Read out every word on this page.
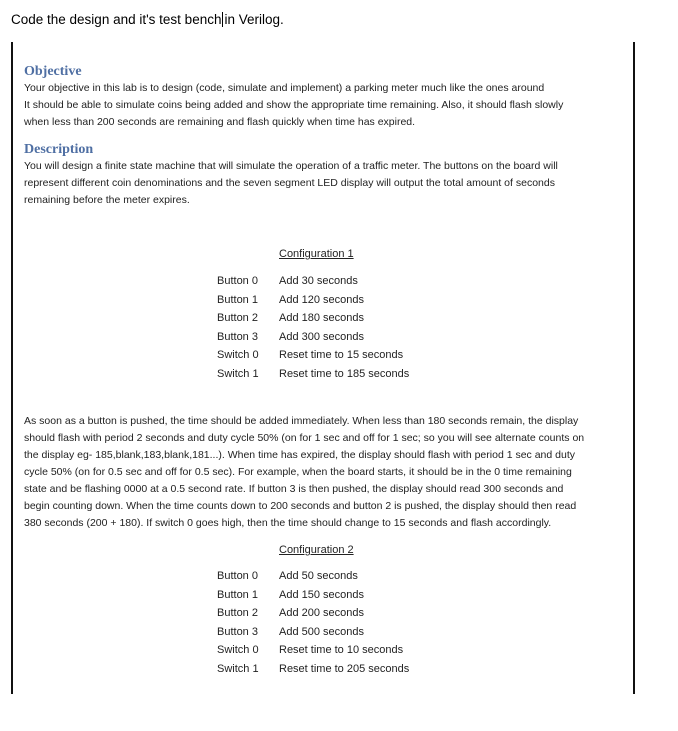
Code the design and it's test bench in Verilog.
Objective
Your objective in this lab is to design (code, simulate and implement) a parking meter much like the ones around
It should be able to simulate coins being added and show the appropriate time remaining. Also, it should flash slowly
when less than 200 seconds are remaining and flash quickly when time has expired.
Description
You will design a finite state machine that will simulate the operation of a traffic meter. The buttons on the board will
represent different coin denominations and the seven segment LED display will output the total amount of seconds
remaining before the meter expires.
Configuration 1
Button 0 Add 30 seconds
Button 1 Add 120 seconds
Button 2 Add 180 seconds
Button 3 Add 300 seconds
Switch 0 Reset time to 15 seconds
Switch 1 Reset time to 185 seconds
As soon as a button is pushed, the time should be added immediately. When less than 180 seconds remain, the display
should flash with period 2 seconds and duty cycle 50% (on for 1 sec and off for 1 sec; so you will see alternate counts on
the display eg- 185,blank,183,blank,181...). When time has expired, the display should flash with period 1 sec and duty
cycle 50% (on for 0.5 sec and off for 0.5 sec). For example, when the board starts, it should be in the 0 time remaining
state and be flashing 0000 at a 0.5 second rate. If button 3 is then pushed, the display should read 300 seconds and
begin counting down. When the time counts down to 200 seconds and button 2 is pushed, the display should then read
380 seconds (200 + 180). If switch 0 goes high, then the time should change to 15 seconds and flash accordingly.
Configuration 2
Button 0 Add 50 seconds
Button 1 Add 150 seconds
Button 2 Add 200 seconds
Button 3 Add 500 seconds
Switch 0 Reset time to 10 seconds
Switch 1 Reset time to 205 seconds
